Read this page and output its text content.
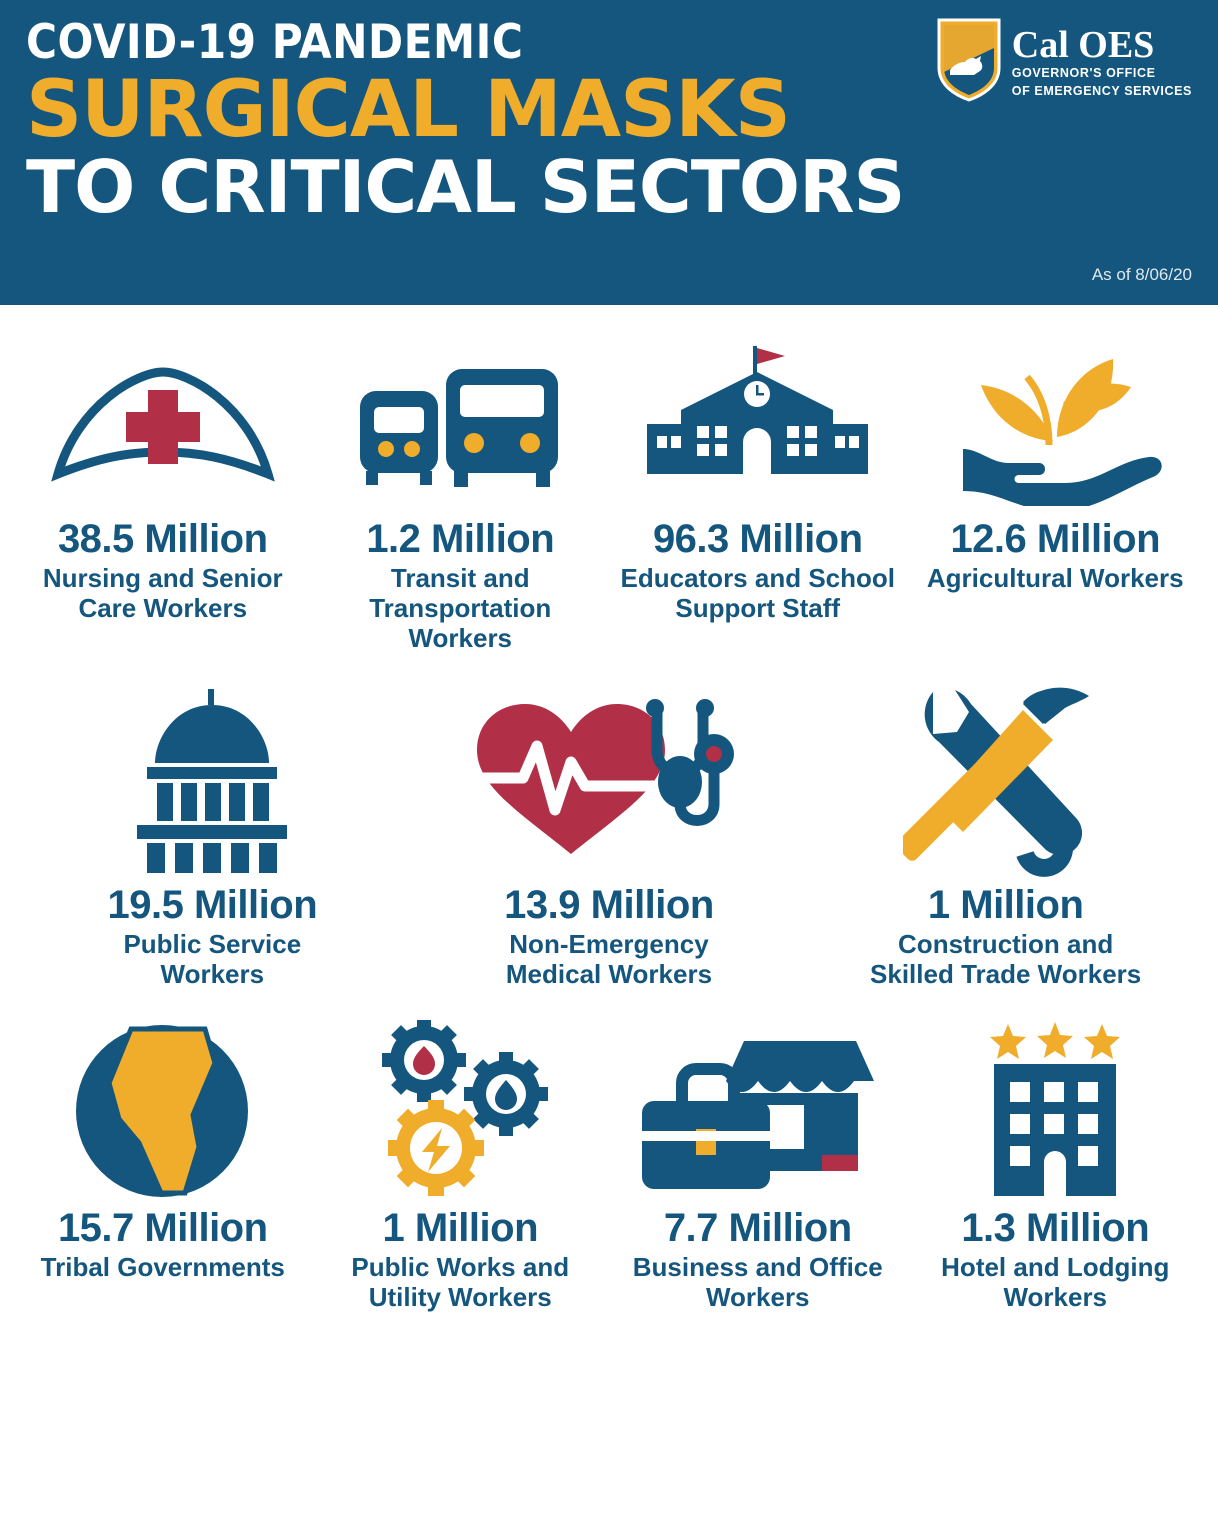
COVID-19 PANDEMIC
SURGICAL MASKS
TO CRITICAL SECTORS
As of 8/06/20
Cal OES
GOVERNOR'S OFFICE
OF EMERGENCY SERVICES
38.5 Million
Nursing and Senior Care Workers
1.2 Million
Transit and Transportation Workers
96.3 Million
Educators and School Support Staff
12.6 Million
Agricultural Workers
19.5 Million
Public Service Workers
13.9 Million
Non-Emergency Medical Workers
1 Million
Construction and Skilled Trade Workers
15.7 Million
Tribal Governments
1 Million
Public Works and Utility Workers
7.7 Million
Business and Office Workers
1.3 Million
Hotel and Lodging Workers
